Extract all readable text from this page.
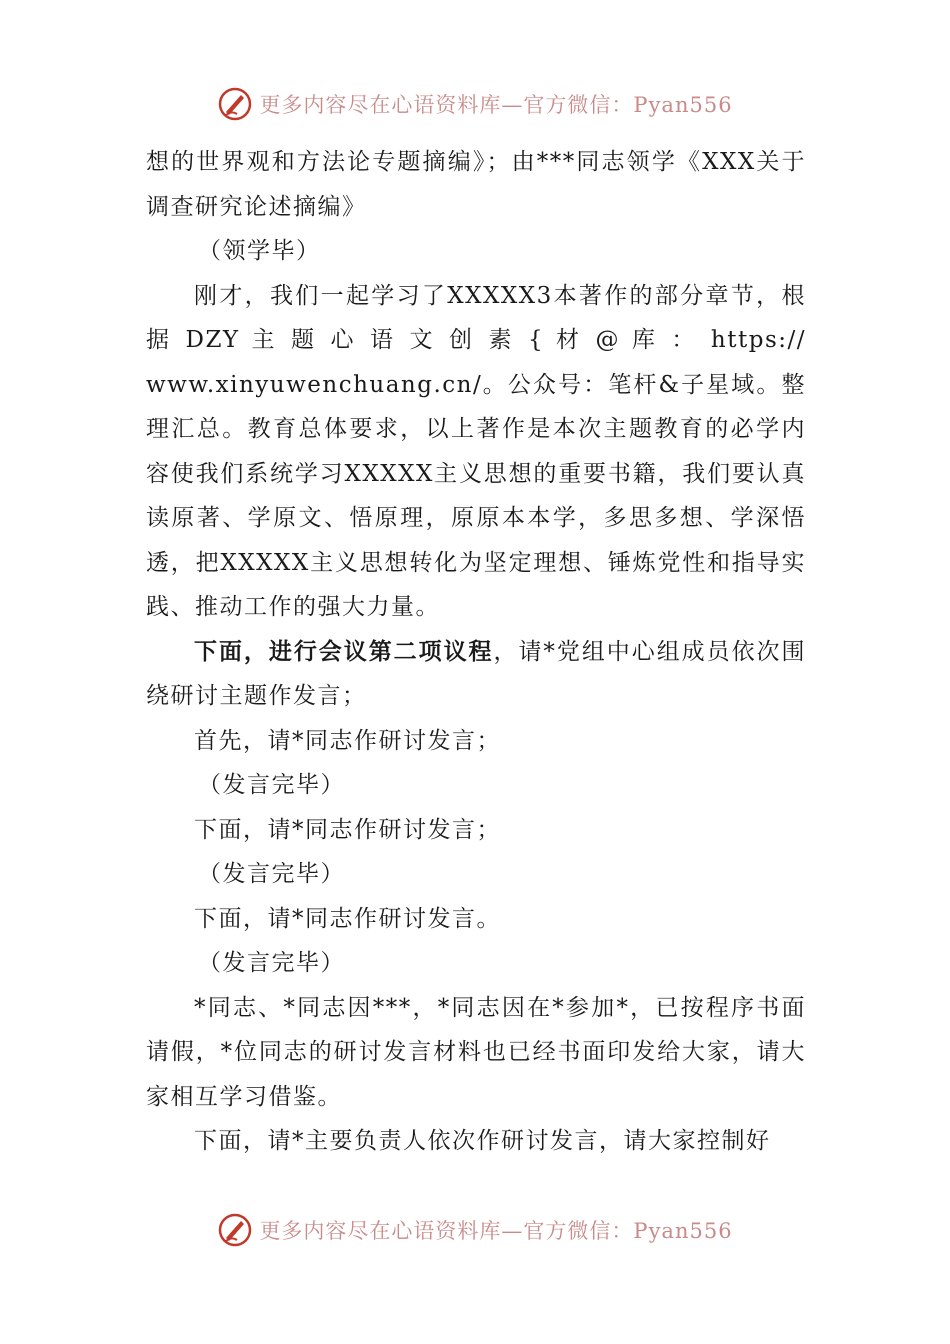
更多内容尽在心语资料库—官方微信：Pyan556

想的世界观和方法论专题摘编》；由***同志领学《XXX关于调查研究论述摘编》

（领学毕）

刚才，我们一起学习了XXXXX3本著作的部分章节，根据 DZY 主 题 心 语 文 创 素 { 材 @ 库 ： https://

www.xinyuwenchuang.cn/。公众号：笔杆&子星域。整理汇总。教育总体要求，以上著作是本次主题教育的必学内容使我们系统学习XXXXX主义思想的重要书籍，我们要认真读原著、学原文、悟原理，原原本本学，多思多想、学深悟透，把XXXXX主义思想转化为坚定理想、锤炼党性和指导实践、推动工作的强大力量。

下面，进行会议第二项议程，请*党组中心组成员依次围绕研讨主题作发言；

首先，请*同志作研讨发言；

（发言完毕）

下面，请*同志作研讨发言；

（发言完毕）

下面，请*同志作研讨发言。

（发言完毕）

*同志、*同志因***，*同志因在*参加*，已按程序书面请假，*位同志的研讨发言材料也已经书面印发给大家，请大家相互学习借鉴。

下面，请*主要负责人依次作研讨发言，请大家控制好

更多内容尽在心语资料库—官方微信：Pyan556
